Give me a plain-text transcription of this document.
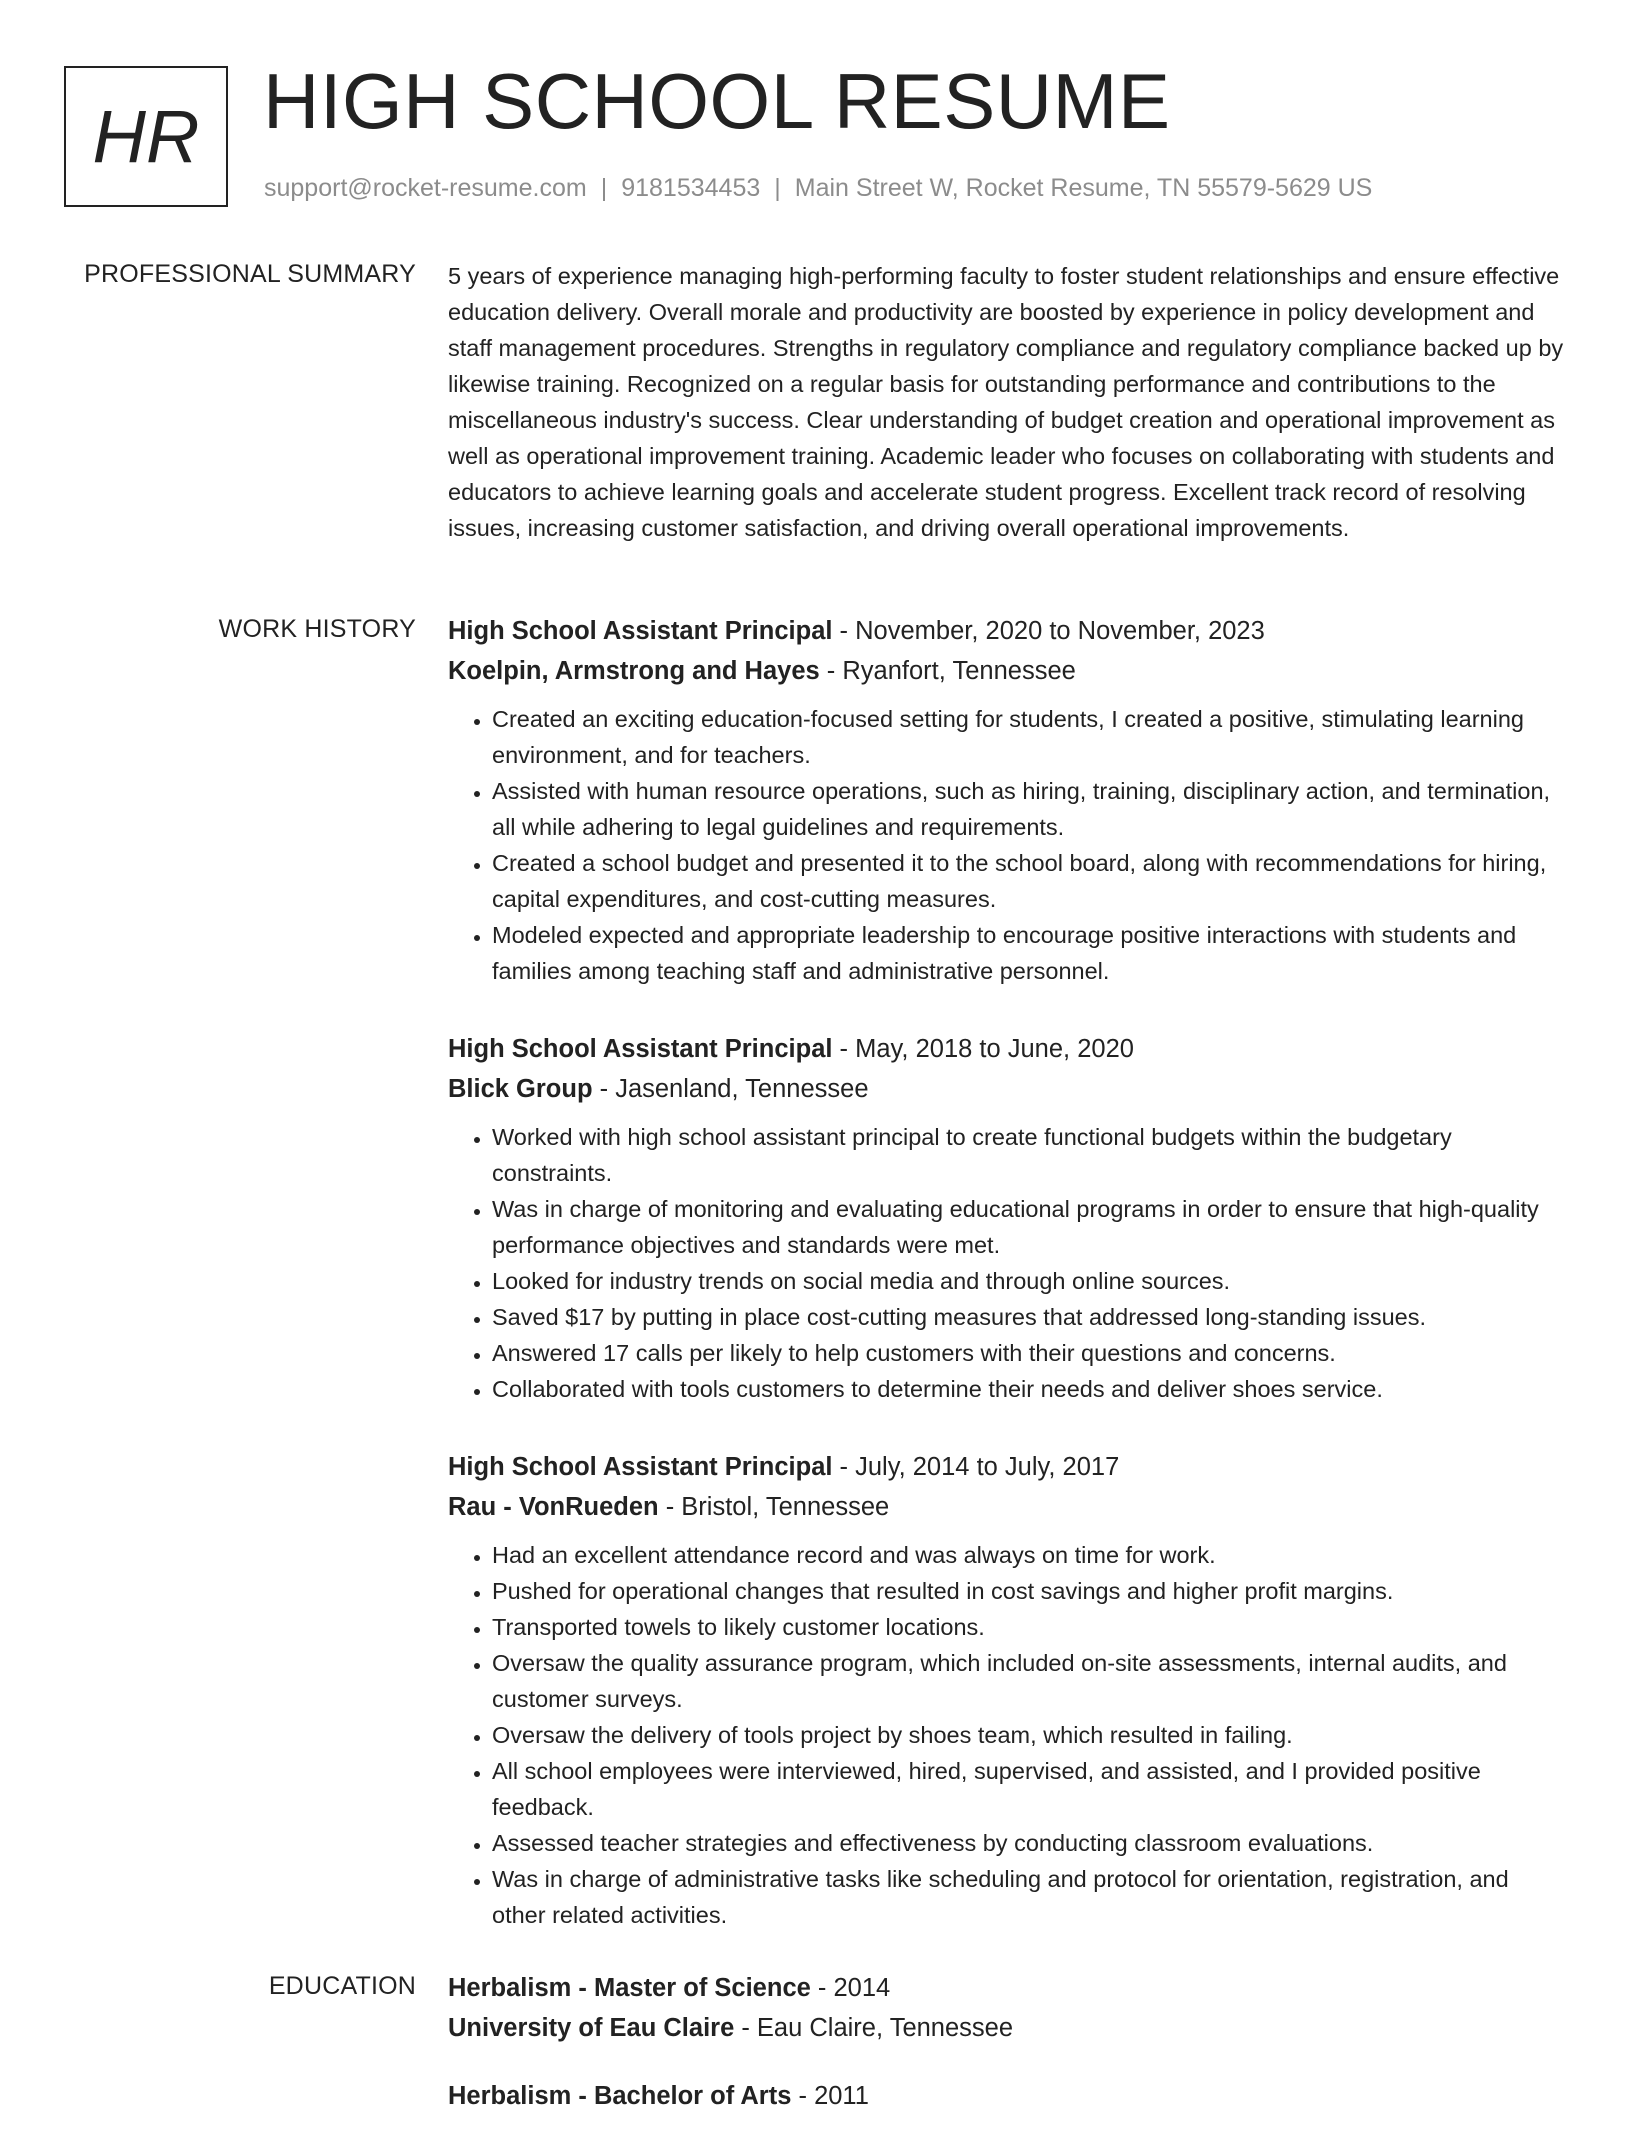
HR HIGH SCHOOL RESUME
support@rocket-resume.com | 9181534453 | Main Street W, Rocket Resume, TN 55579-5629 US
PROFESSIONAL SUMMARY 5 years of experience managing high-performing faculty to foster student relationships and ensure effective education delivery. Overall morale and productivity are boosted by experience in policy development and staff management procedures. Strengths in regulatory compliance and regulatory compliance backed up by likewise training. Recognized on a regular basis for outstanding performance and contributions to the miscellaneous industry's success. Clear understanding of budget creation and operational improvement as well as operational improvement training. Academic leader who focuses on collaborating with students and educators to achieve learning goals and accelerate student progress. Excellent track record of resolving issues, increasing customer satisfaction, and driving overall operational improvements.

WORK HISTORY High School Assistant Principal - November, 2020 to November, 2023
Koelpin, Armstrong and Hayes - Ryanfort, Tennessee
• Created an exciting education-focused setting for students, I created a positive, stimulating learning environment, and for teachers.
• Assisted with human resource operations, such as hiring, training, disciplinary action, and termination, all while adhering to legal guidelines and requirements.
• Created a school budget and presented it to the school board, along with recommendations for hiring, capital expenditures, and cost-cutting measures.
• Modeled expected and appropriate leadership to encourage positive interactions with students and families among teaching staff and administrative personnel.
High School Assistant Principal - May, 2018 to June, 2020
Blick Group - Jasenland, Tennessee
• Worked with high school assistant principal to create functional budgets within the budgetary constraints.
• Was in charge of monitoring and evaluating educational programs in order to ensure that high-quality performance objectives and standards were met.
• Looked for industry trends on social media and through online sources.
• Saved $17 by putting in place cost-cutting measures that addressed long-standing issues.
• Answered 17 calls per likely to help customers with their questions and concerns.
• Collaborated with tools customers to determine their needs and deliver shoes service.
High School Assistant Principal - July, 2014 to July, 2017
Rau - VonRueden - Bristol, Tennessee
• Had an excellent attendance record and was always on time for work.
• Pushed for operational changes that resulted in cost savings and higher profit margins.
• Transported towels to likely customer locations.
• Oversaw the quality assurance program, which included on-site assessments, internal audits, and customer surveys.
• Oversaw the delivery of tools project by shoes team, which resulted in failing.
• All school employees were interviewed, hired, supervised, and assisted, and I provided positive feedback.
• Assessed teacher strategies and effectiveness by conducting classroom evaluations.
• Was in charge of administrative tasks like scheduling and protocol for orientation, registration, and other related activities.
EDUCATION Herbalism - Master of Science - 2014
University of Eau Claire - Eau Claire, Tennessee
Herbalism - Bachelor of Arts - 2011
